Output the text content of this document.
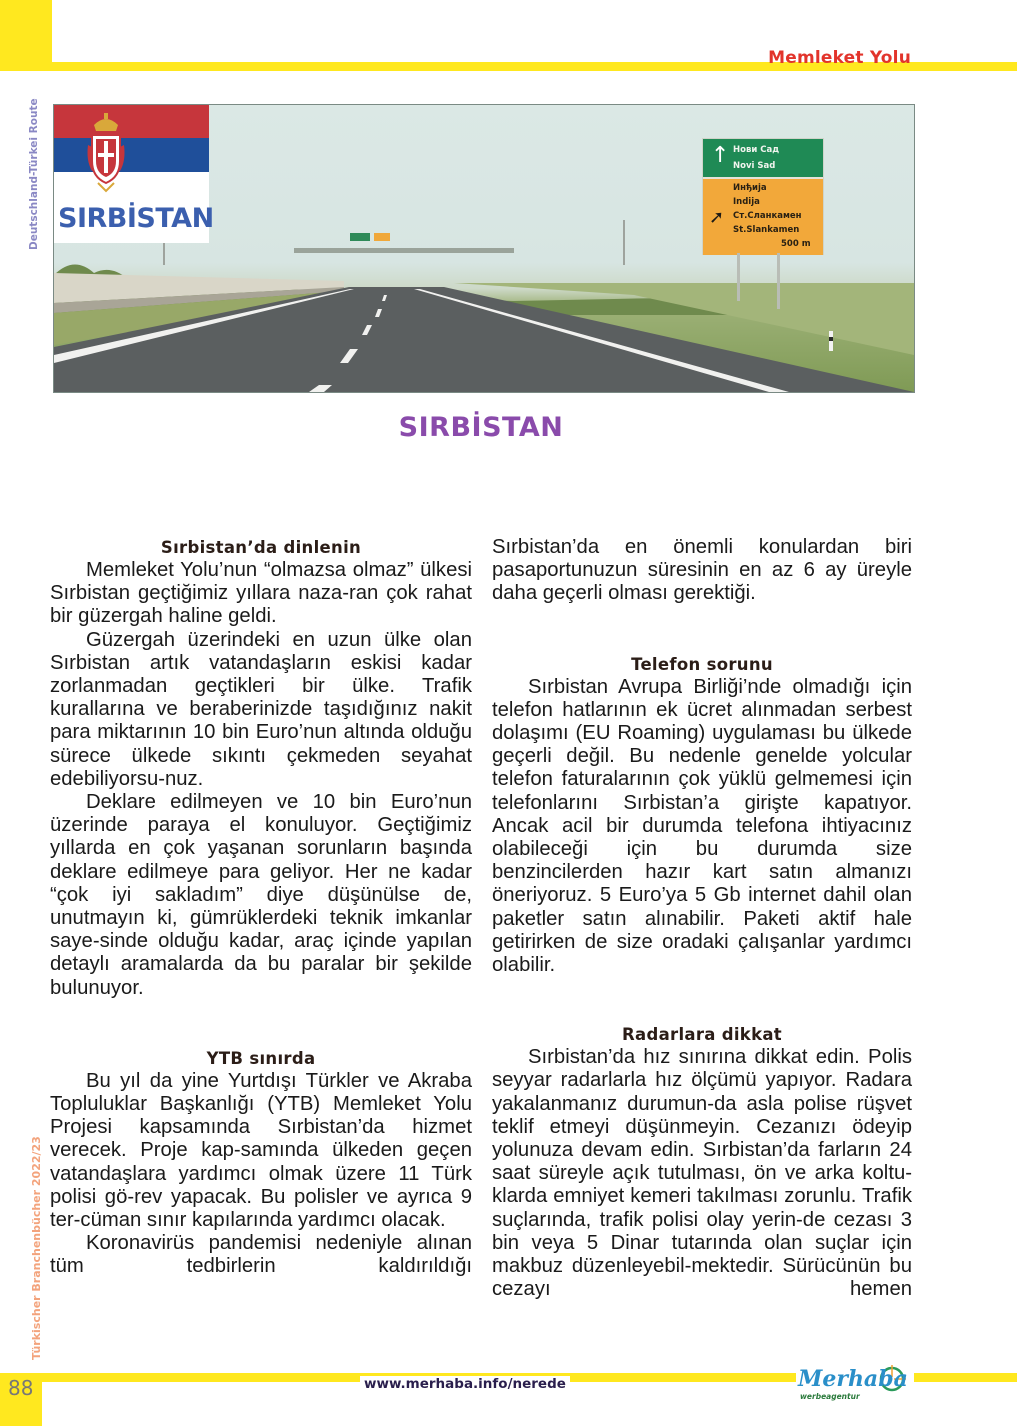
Memleket Yolu
Deutschland-Türkei Route
Türkischer Branchenbücher 2022/23
SIRBİSTAN
↑ Нови Сад
Novi Sad
➚
Инђија
Indija
Ст.Сланкамен
St.Slankamen
500 m
SIRBİSTAN
Sırbistan’da dinlenin

Memleket Yolu’nun “olmazsa olmaz” ülkesi Sırbistan geçtiğimiz yıllara naza-ran çok rahat bir güzergah haline geldi.

Güzergah üzerindeki en uzun ülke olan Sırbistan artık vatandaşların eskisi kadar zorlanmadan geçtikleri bir ülke. Trafik kurallarına ve beraberinizde taşıdığınız nakit para miktarının 10 bin Euro’nun altında olduğu sürece ülkede sıkıntı çekmeden seyahat edebiliyorsu-nuz.

Deklare edilmeyen ve 10 bin Euro’nun üzerinde paraya el konuluyor. Geçtiğimiz yıllarda en çok yaşanan sorunların başında deklare edilmeye para geliyor. Her ne kadar “çok iyi sakladım” diye düşünülse de, unutmayın ki, gümrüklerdeki teknik imkanlar saye-sinde olduğu kadar, araç içinde yapılan detaylı aramalarda da bu paralar bir şekilde bulunuyor.

YTB sınırda

Bu yıl da yine Yurtdışı Türkler ve Akraba Topluluklar Başkanlığı (YTB) Memleket Yolu Projesi kapsamında Sırbistan’da hizmet verecek. Proje kap-samında ülkeden geçen vatandaşlara yardımcı olmak üzere 11 Türk polisi gö-rev yapacak. Bu polisler ve ayrıca 9 ter-cüman sınır kapılarında yardımcı olacak.

Koronavirüs pandemisi nedeniyle alınan tüm tedbirlerin kaldırıldığı

Sırbistan’da en önemli konulardan biri pasaportunuzun süresinin en az 6 ay üreyle daha geçerli olması gerektiği.

Telefon sorunu

Sırbistan Avrupa Birliği’nde olmadığı için telefon hatlarının ek ücret alınmadan serbest dolaşımı (EU Roaming) uygulaması bu ülkede geçerli değil. Bu nedenle genelde yolcular telefon faturalarının çok yüklü gelmemesi için telefonlarını Sırbistan’a girişte kapatıyor. Ancak acil bir durumda telefona ihtiyacınız olabileceği için bu durumda size benzincilerden hazır kart satın almanızı öneriyoruz. 5 Euro’ya 5 Gb internet dahil olan paketler satın alınabilir. Paketi aktif hale getirirken de size oradaki çalışanlar yardımcı olabilir.

Radarlara dikkat

Sırbistan’da hız sınırına dikkat edin. Polis seyyar radarlarla hız ölçümü yapıyor. Radara yakalanmanız durumun-da asla polise rüşvet teklif etmeyi düşünmeyin. Cezanızı ödeyip yolunuza devam edin. Sırbistan’da farların 24 saat süreyle açık tutulması, ön ve arka koltu-klarda emniyet kemeri takılması zorunlu. Trafik suçlarında, trafik polisi olay yerin-de cezası 3 bin veya 5 Dinar tutarında olan suçlar için makbuz düzenleyebil-mektedir. Sürücünün bu cezayı hemen

88	www.merhaba.info/nerede	Merhaba
werbeagentur
